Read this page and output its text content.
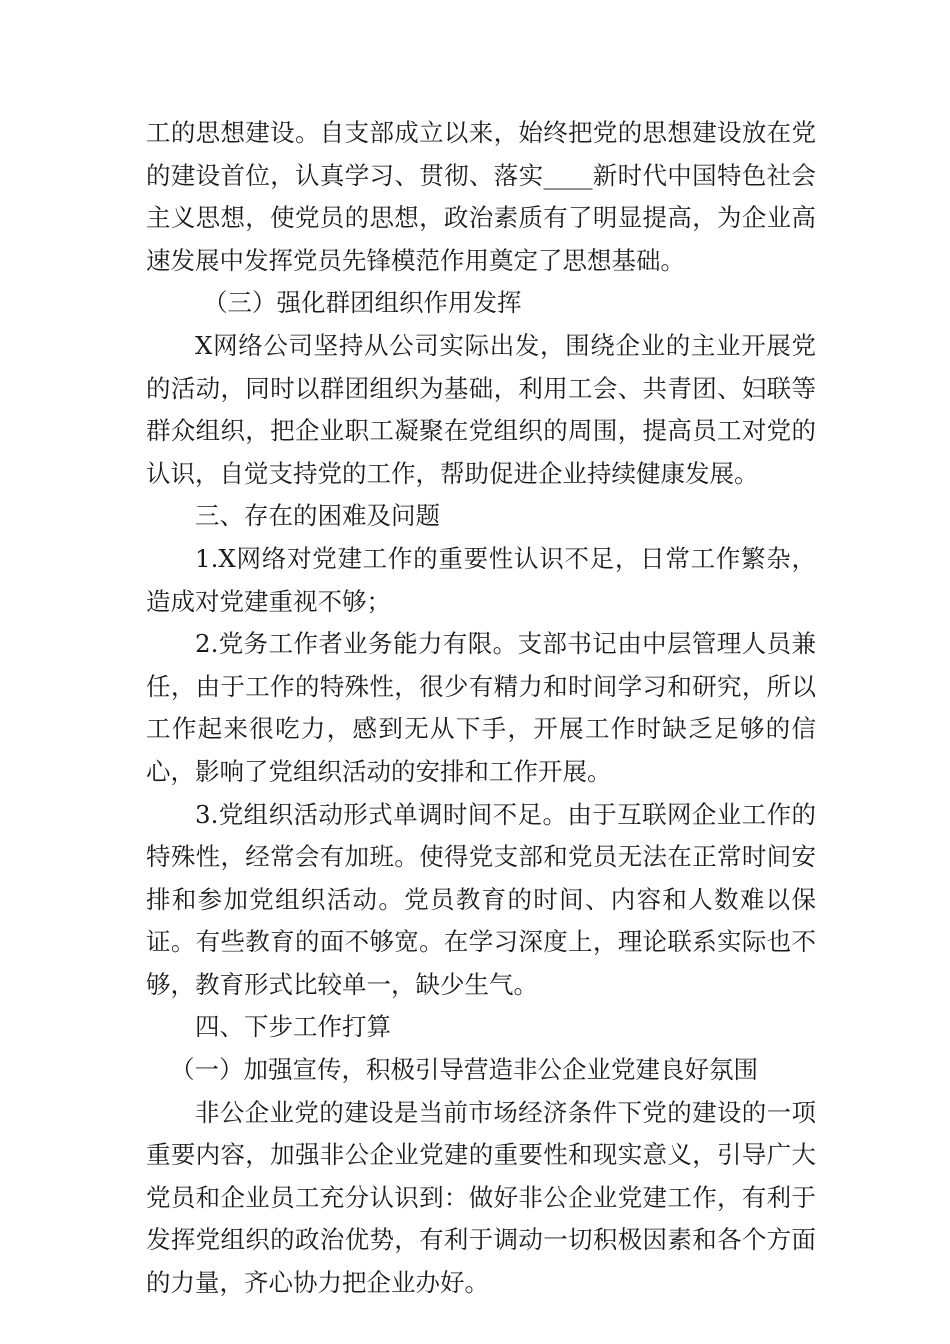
工的思想建设。自支部成立以来，始终把党的思想建设放在党的建设首位，认真学习、贯彻、落实____新时代中国特色社会主义思想，使党员的思想，政治素质有了明显提高，为企业高速发展中发挥党员先锋模范作用奠定了思想基础。

（三）强化群团组织作用发挥

X网络公司坚持从公司实际出发，围绕企业的主业开展党的活动，同时以群团组织为基础，利用工会、共青团、妇联等群众组织，把企业职工凝聚在党组织的周围，提高员工对党的认识，自觉支持党的工作，帮助促进企业持续健康发展。

三、存在的困难及问题

1.X网络对党建工作的重要性认识不足，日常工作繁杂，造成对党建重视不够；

2.党务工作者业务能力有限。支部书记由中层管理人员兼任，由于工作的特殊性，很少有精力和时间学习和研究，所以工作起来很吃力，感到无从下手，开展工作时缺乏足够的信心，影响了党组织活动的安排和工作开展。

3.党组织活动形式单调时间不足。由于互联网企业工作的特殊性，经常会有加班。使得党支部和党员无法在正常时间安排和参加党组织活动。党员教育的时间、内容和人数难以保证。有些教育的面不够宽。在学习深度上，理论联系实际也不够，教育形式比较单一，缺少生气。

四、下步工作打算

（一）加强宣传，积极引导营造非公企业党建良好氛围

非公企业党的建设是当前市场经济条件下党的建设的一项重要内容，加强非公企业党建的重要性和现实意义，引导广大党员和企业员工充分认识到：做好非公企业党建工作，有利于发挥党组织的政治优势，有利于调动一切积极因素和各个方面的力量，齐心协力把企业办好。
